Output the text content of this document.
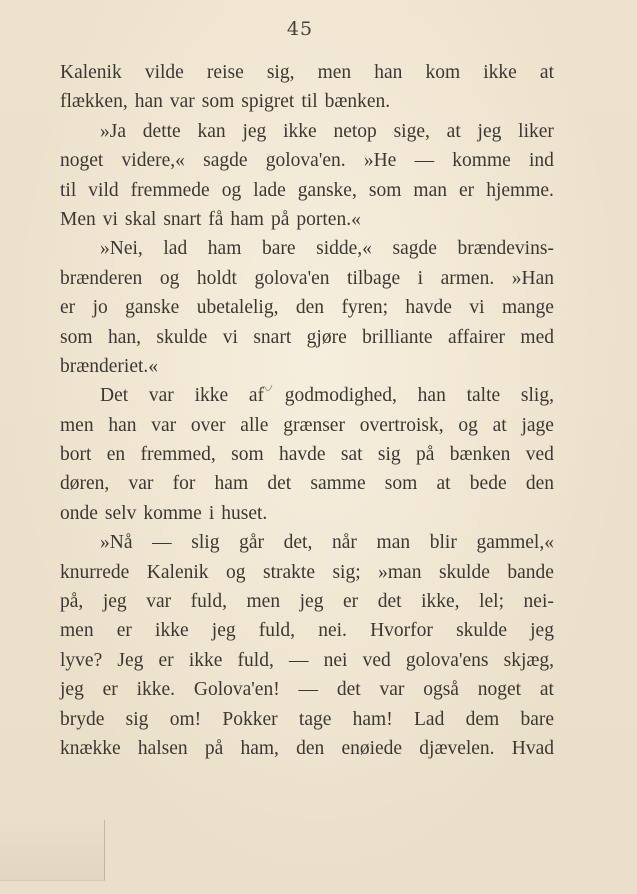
45
Kalenik vilde reise sig, men han kom ikke at
flækken, han var som spigret til bænken.
»Ja dette kan jeg ikke netop sige, at jeg liker
noget videre,« sagde golova'en. »He — komme ind
til vild fremmede og lade ganske, som man er hjemme.
Men vi skal snart få ham på porten.«
»Nei, lad ham bare sidde,« sagde brændevins-
brænderen og holdt golova'en tilbage i armen. »Han
er jo ganske ubetalelig, den fyren; havde vi mange
som han, skulde vi snart gjøre brilliante affairer med
brænderiet.«
Det var ikke af godmodighed, han talte slig,
men han var over alle grænser overtroisk, og at jage
bort en fremmed, som havde sat sig på bænken ved
døren, var for ham det samme som at bede den
onde selv komme i huset.
»Nå — slig går det, når man blir gammel,«
knurrede Kalenik og strakte sig; »man skulde bande
på, jeg var fuld, men jeg er det ikke, lel; nei-
men er ikke jeg fuld, nei. Hvorfor skulde jeg
lyve? Jeg er ikke fuld, — nei ved golova'ens skjæg,
jeg er ikke. Golova'en! — det var også noget at
bryde sig om! Pokker tage ham! Lad dem bare
knække halsen på ham, den enøiede djævelen. Hvad
